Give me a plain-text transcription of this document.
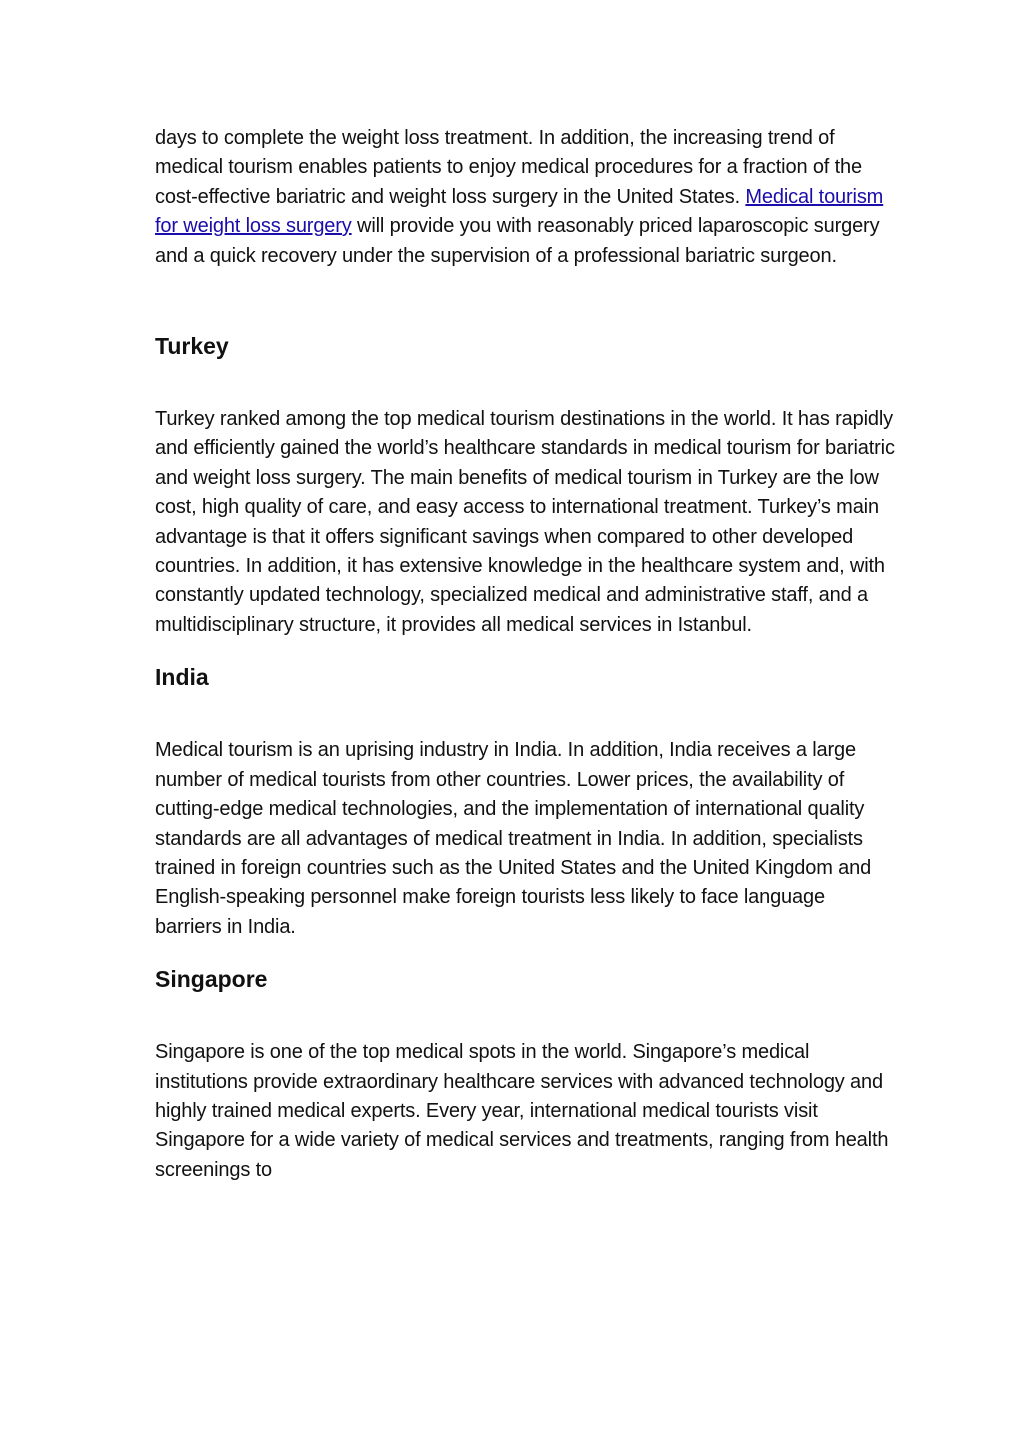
days to complete the weight loss treatment. In addition, the increasing trend of medical tourism enables patients to enjoy medical procedures for a fraction of the cost-effective bariatric and weight loss surgery in the United States. Medical tourism for weight loss surgery will provide you with reasonably priced laparoscopic surgery and a quick recovery under the supervision of a professional bariatric surgeon.

Turkey

Turkey ranked among the top medical tourism destinations in the world. It has rapidly and efficiently gained the world’s healthcare standards in medical tourism for bariatric and weight loss surgery. The main benefits of medical tourism in Turkey are the low cost, high quality of care, and easy access to international treatment. Turkey’s main advantage is that it offers significant savings when compared to other developed countries. In addition, it has extensive knowledge in the healthcare system and, with constantly updated technology, specialized medical and administrative staff, and a multidisciplinary structure, it provides all medical services in Istanbul.

India

Medical tourism is an uprising industry in India. In addition, India receives a large number of medical tourists from other countries. Lower prices, the availability of cutting-edge medical technologies, and the implementation of international quality standards are all advantages of medical treatment in India. In addition, specialists trained in foreign countries such as the United States and the United Kingdom and English-speaking personnel make foreign tourists less likely to face language barriers in India.

Singapore

Singapore is one of the top medical spots in the world. Singapore’s medical institutions provide extraordinary healthcare services with advanced technology and highly trained medical experts. Every year, international medical tourists visit Singapore for a wide variety of medical services and treatments, ranging from health screenings to
